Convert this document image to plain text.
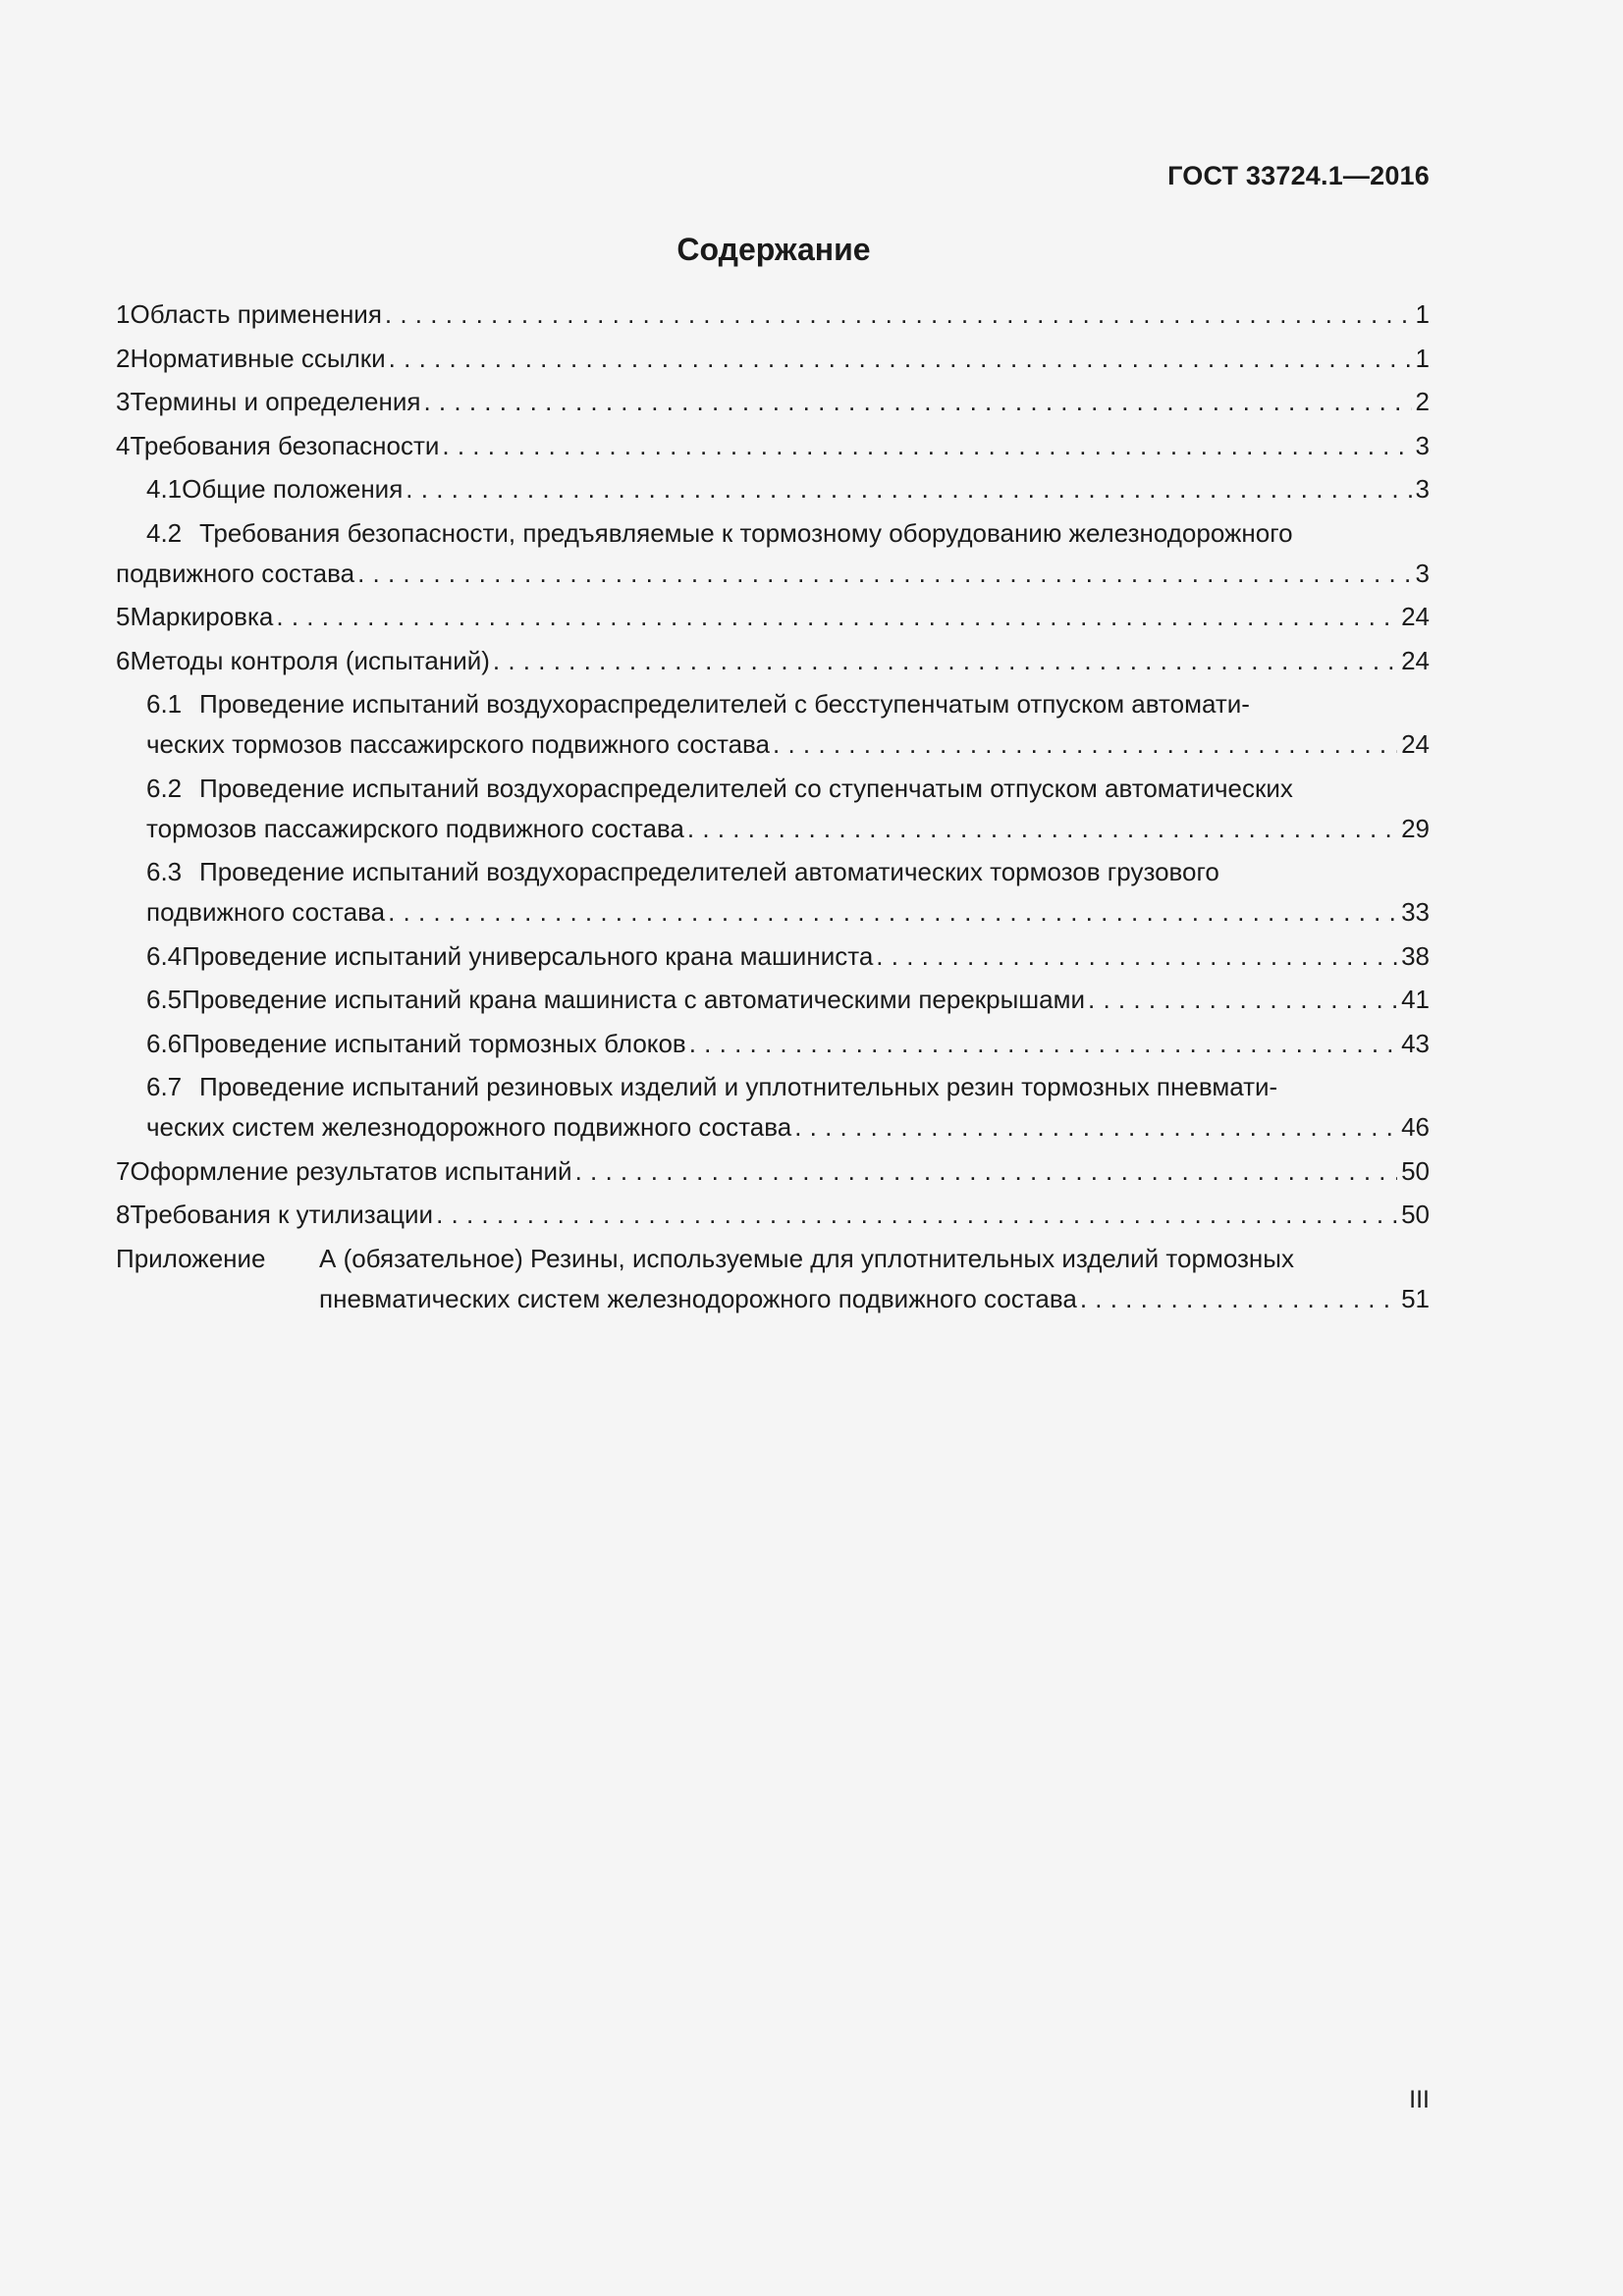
ГОСТ 33724.1—2016
Содержание
1 Область применения . . .	1
2 Нормативные ссылки . . .	1
3 Термины и определения . . .	2
4 Требования безопасности . . .	3
4.1 Общие положения . . .	3
4.2 Требования безопасности, предъявляемые к тормозному оборудованию железнодорожного
подвижного состава . . .	3
5 Маркировка . . .	24
6 Методы контроля (испытаний) . . .	24
6.1 Проведение испытаний воздухораспределителей с бесступенчатым отпуском автомати-
ческих тормозов пассажирского подвижного состава . . .	24
6.2 Проведение испытаний воздухораспределителей со ступенчатым отпуском автоматических
тормозов пассажирского подвижного состава . . .	29
6.3 Проведение испытаний воздухораспределителей автоматических тормозов грузового
подвижного состава . . .	33
6.4 Проведение испытаний универсального крана машиниста . . .	38
6.5 Проведение испытаний крана машиниста с автоматическими перекрышами . . .	41
6.6 Проведение испытаний тормозных блоков . . .	43
6.7 Проведение испытаний резиновых изделий и уплотнительных резин тормозных пневмати-
ческих систем железнодорожного подвижного состава . . .	46
7 Оформление результатов испытаний . . .	50
8 Требования к утилизации . . .	50
Приложение А (обязательное) Резины, используемые для уплотнительных изделий тормозных
пневматических систем железнодорожного подвижного состава . . .	51
III
